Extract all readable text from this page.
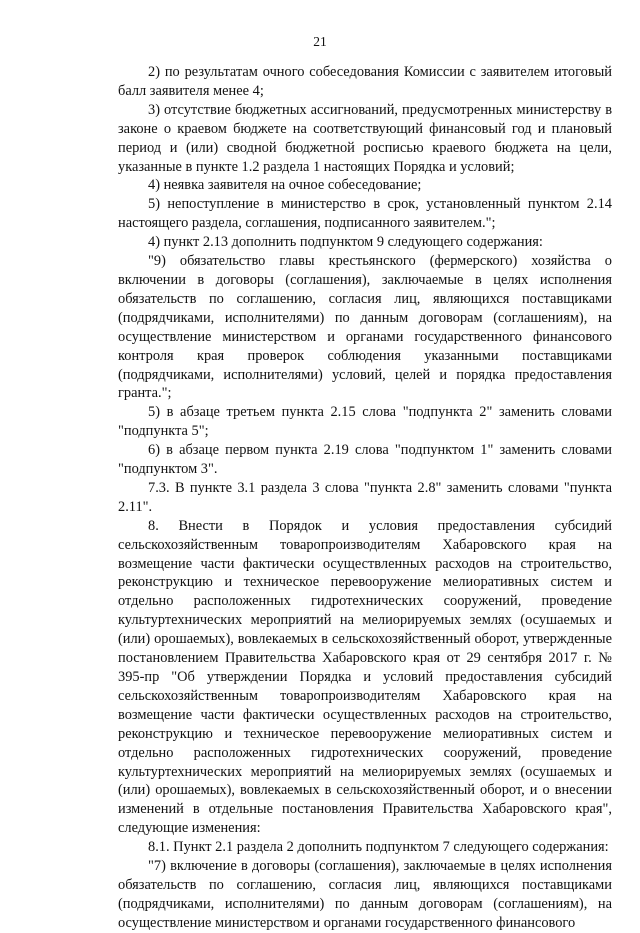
21

2) по результатам очного собеседования Комиссии с заявителем итоговый балл заявителя менее 4;

3) отсутствие бюджетных ассигнований, предусмотренных министерству в законе о краевом бюджете на соответствующий финансовый год и плановый период и (или) сводной бюджетной росписью краевого бюджета на цели, указанные в пункте 1.2 раздела 1 настоящих Порядка и условий;

4) неявка заявителя на очное собеседование;

5) непоступление в министерство в срок, установленный пунктом 2.14 настоящего раздела, соглашения, подписанного заявителем.";

4) пункт 2.13 дополнить подпунктом 9 следующего содержания:

"9) обязательство главы крестьянского (фермерского) хозяйства о включении в договоры (соглашения), заключаемые в целях исполнения обязательств по соглашению, согласия лиц, являющихся поставщиками (подрядчиками, исполнителями) по данным договорам (соглашениям), на осуществление министерством и органами государственного финансового контроля края проверок соблюдения указанными поставщиками (подрядчиками, исполнителями) условий, целей и порядка предоставления гранта.";

5) в абзаце третьем пункта 2.15 слова "подпункта 2" заменить словами "подпункта 5";

6) в абзаце первом пункта 2.19 слова "подпунктом 1" заменить словами "подпунктом 3".

7.3. В пункте 3.1 раздела 3 слова "пункта 2.8" заменить словами "пункта 2.11".

8. Внести в Порядок и условия предоставления субсидий сельскохозяйственным товаропроизводителям Хабаровского края на возмещение части фактически осуществленных расходов на строительство, реконструкцию и техническое перевооружение мелиоративных систем и отдельно расположенных гидротехнических сооружений, проведение культуртехнических мероприятий на мелиорируемых землях (осушаемых и (или) орошаемых), вовлекаемых в сельскохозяйственный оборот, утвержденные постановлением Правительства Хабаровского края от 29 сентября 2017 г. № 395-пр "Об утверждении Порядка и условий предоставления субсидий сельскохозяйственным товаропроизводителям Хабаровского края на возмещение части фактически осуществленных расходов на строительство, реконструкцию и техническое перевооружение мелиоративных систем и отдельно расположенных гидротехнических сооружений, проведение культуртехнических мероприятий на мелиорируемых землях (осушаемых и (или) орошаемых), вовлекаемых в сельскохозяйственный оборот, и о внесении изменений в отдельные постановления Правительства Хабаровского края", следующие изменения:

8.1. Пункт 2.1 раздела 2 дополнить подпунктом 7 следующего содержания:

"7) включение в договоры (соглашения), заключаемые в целях исполнения обязательств по соглашению, согласия лиц, являющихся поставщиками (подрядчиками, исполнителями) по данным договорам (соглашениям), на осуществление министерством и органами государственного финансового
